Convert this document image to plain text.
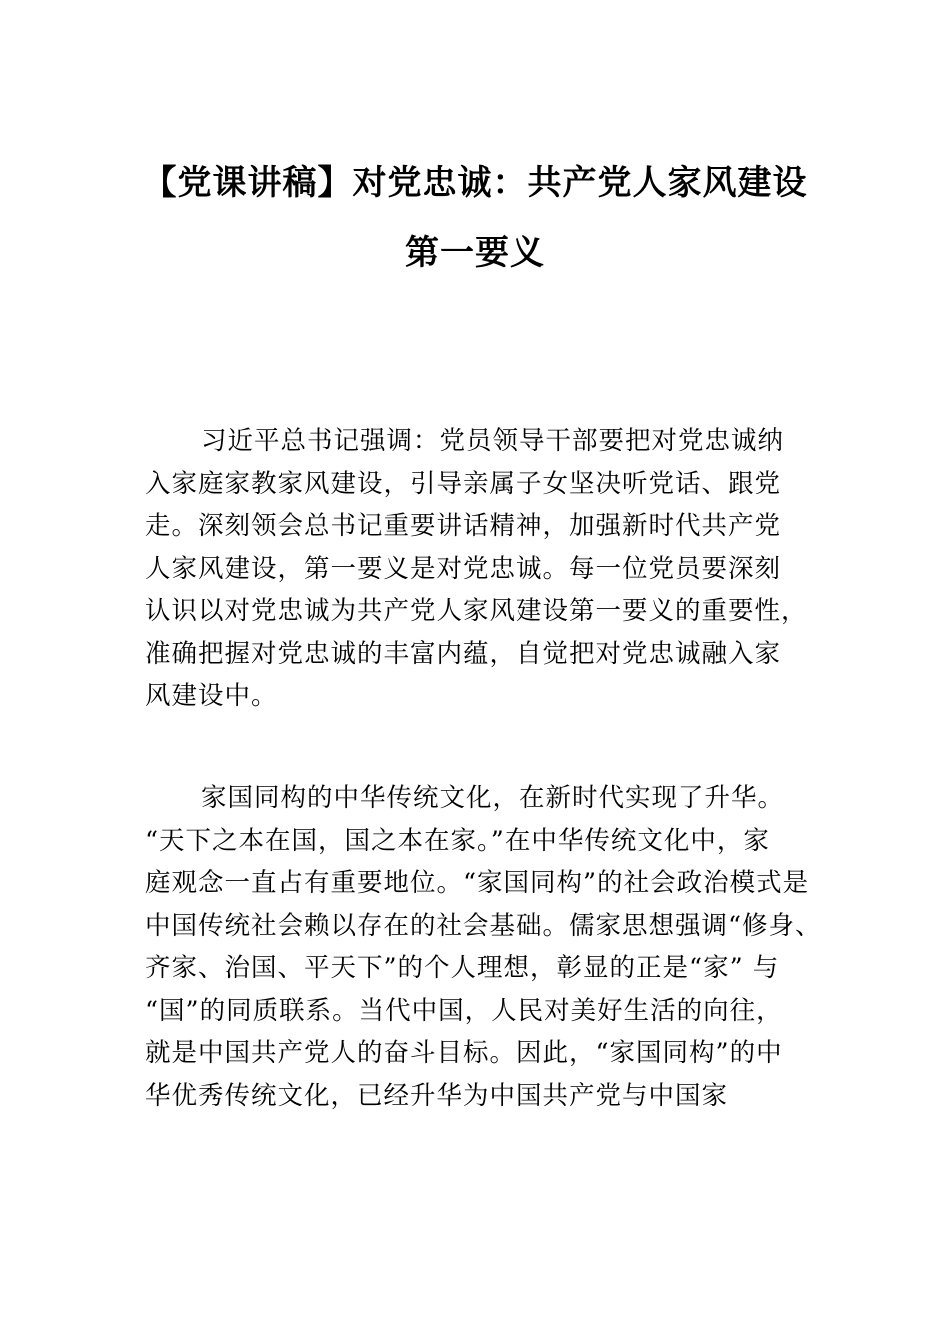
【党课讲稿】对党忠诚：共产党人家风建设
第一要义
习近平总书记强调：党员领导干部要把对党忠诚纳
入家庭家教家风建设，引导亲属子女坚决听党话、跟党
走。深刻领会总书记重要讲话精神，加强新时代共产党
人家风建设，第一要义是对党忠诚。每一位党员要深刻
认识以对党忠诚为共产党人家风建设第一要义的重要性，
准确把握对党忠诚的丰富内蕴，自觉把对党忠诚融入家
风建设中。
家国同构的中华传统文化，在新时代实现了升华。
“天下之本在国，国之本在家。”在中华传统文化中，家
庭观念一直占有重要地位。“家国同构”的社会政治模式是
中国传统社会赖以存在的社会基础。儒家思想强调“修身、
齐家、治国、平天下”的个人理想，彰显的正是“家” 与
“国”的同质联系。当代中国，人民对美好生活的向往，
就是中国共产党人的奋斗目标。因此，“家国同构”的中
华优秀传统文化，已经升华为中国共产党与中国家
